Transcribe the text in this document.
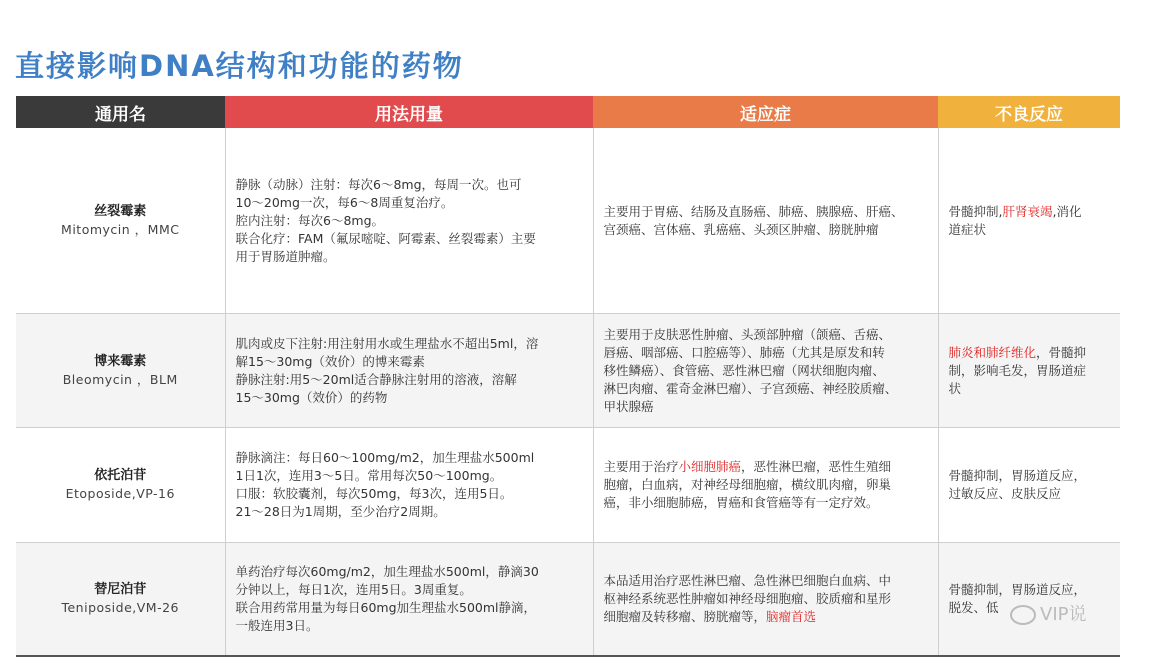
直接影响DNA结构和功能的药物
通用名	用法用量	适应症	不良反应

丝裂霉素
Mitomycin ，MMC	静脉（动脉）注射：每次6～8mg，每周一次。也可
10～20mg一次，每6～8周重复治疗。
腔内注射：每次6～8mg。
联合化疗：FAM（氟尿嘧啶、阿霉素、丝裂霉素）主要
用于胃肠道肿瘤。	主要用于胃癌、结肠及直肠癌、肺癌、胰腺癌、肝癌、
宫颈癌、宫体癌、乳癌癌、头颈区肿瘤、膀胱肿瘤	骨髓抑制,肝肾衰竭,消化
道症状

博来霉素
Bleomycin ，BLM	肌肉或皮下注射:用注射用水或生理盐水不超出5ml，溶
解15～30mg（效价）的博来霉素
静脉注射:用5～20ml适合静脉注射用的溶液，溶解
15～30mg（效价）的药物	主要用于皮肤恶性肿瘤、头颈部肿瘤（颌癌、舌癌、
唇癌、咽部癌、口腔癌等）、肺癌（尤其是原发和转
移性鳞癌）、食管癌、恶性淋巴瘤（网状细胞肉瘤、
淋巴肉瘤、霍奇金淋巴瘤）、子宫颈癌、神经胶质瘤、
甲状腺癌	肺炎和肺纤维化，骨髓抑
制，影响毛发，胃肠道症
状

依托泊苷
Etoposide,VP-16	静脉滴注：每日60～100mg/m2，加生理盐水500ml
1日1次，连用3～5日。常用每次50～100mg。
口服：软胶囊剂，每次50mg，每3次，连用5日。
21～28日为1周期，至少治疗2周期。	主要用于治疗小细胞肺癌，恶性淋巴瘤，恶性生殖细
胞瘤，白血病，对神经母细胞瘤，横纹肌肉瘤，卵巢
癌，非小细胞肺癌，胃癌和食管癌等有一定疗效。	骨髓抑制，胃肠道反应，
过敏反应、皮肤反应

替尼泊苷
Teniposide,VM-26	单药治疗每次60mg/m2，加生理盐水500ml，静滴30
分钟以上，每日1次，连用5日。3周重复。
联合用药常用量为每日60mg加生理盐水500ml静滴，
一般连用3日。	本品适用治疗恶性淋巴瘤、急性淋巴细胞白血病、中
枢神经系统恶性肿瘤如神经母细胞瘤、胶质瘤和星形
细胞瘤及转移瘤、膀胱瘤等，脑瘤首选	骨髓抑制，胃肠道反应，
脱发、低	VIP说
